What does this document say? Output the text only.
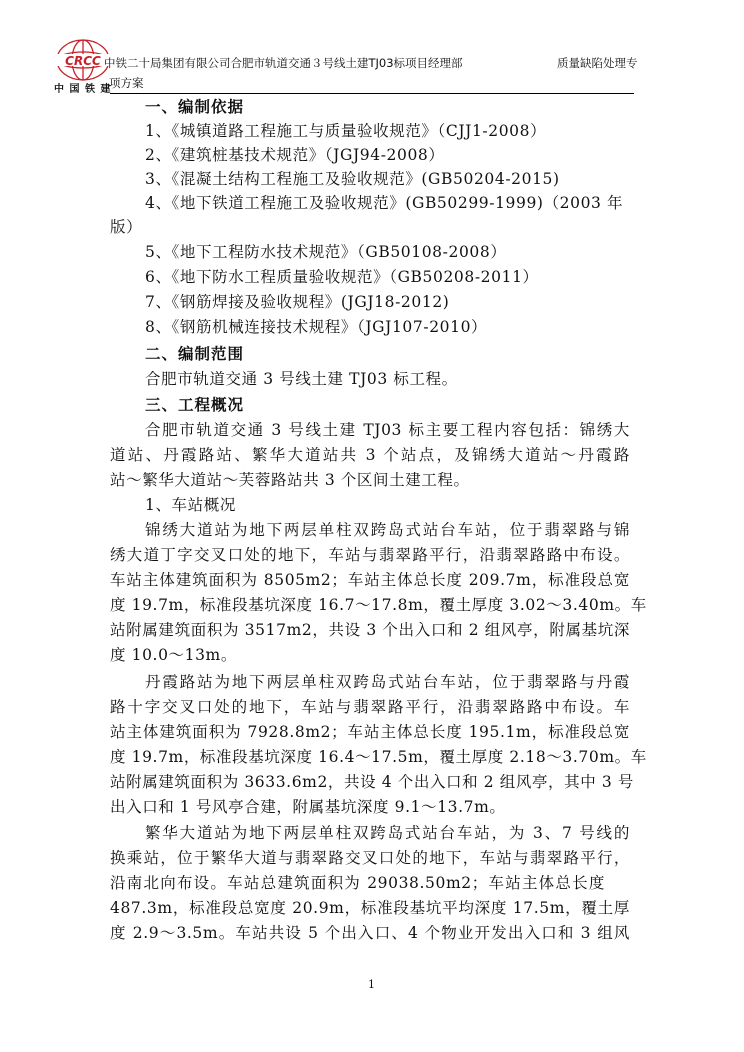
CRCC
中 国 铁 建
中铁二十局集团有限公司合肥市轨道交通３号线土建TJ03标项目经理部	质量缺陷处理专
项方案
一、编制依据
1、《城镇道路工程施工与质量验收规范》（CJJ1-2008）
2、《建筑桩基技术规范》（JGJ94-2008）
3、《混凝土结构工程施工及验收规范》(GB50204-2015)
4、《地下铁道工程施工及验收规范》(GB50299-1999)（2003 年
版）
5、《地下工程防水技术规范》（GB50108-2008）
6、《地下防水工程质量验收规范》（GB50208-2011）
7、《钢筋焊接及验收规程》(JGJ18-2012)
8、《钢筋机械连接技术规程》（JGJ107-2010）
二、编制范围
合肥市轨道交通 3 号线土建 TJ03 标工程。
三、工程概况
合肥市轨道交通 3 号线土建 TJ03 标主要工程内容包括：锦绣大
道站、丹霞路站、繁华大道站共 3 个站点，及锦绣大道站～丹霞路
站～繁华大道站～芙蓉路站共 3 个区间土建工程。
1、车站概况
锦绣大道站为地下两层单柱双跨岛式站台车站，位于翡翠路与锦
绣大道丁字交叉口处的地下，车站与翡翠路平行，沿翡翠路路中布设。
车站主体建筑面积为 8505m2；车站主体总长度 209.7m，标准段总宽
度 19.7m，标准段基坑深度 16.7～17.8m，覆土厚度 3.02～3.40m。车
站附属建筑面积为 3517m2，共设 3 个出入口和 2 组风亭，附属基坑深
度 10.0～13m。
丹霞路站为地下两层单柱双跨岛式站台车站，位于翡翠路与丹霞
路十字交叉口处的地下，车站与翡翠路平行，沿翡翠路路中布设。车
站主体建筑面积为 7928.8m2；车站主体总长度 195.1m，标准段总宽
度 19.7m，标准段基坑深度 16.4～17.5m，覆土厚度 2.18～3.70m。车
站附属建筑面积为 3633.6m2，共设 4 个出入口和 2 组风亭，其中 3 号
出入口和 1 号风亭合建，附属基坑深度 9.1～13.7m。
繁华大道站为地下两层单柱双跨岛式站台车站，为 3、7 号线的
换乘站，位于繁华大道与翡翠路交叉口处的地下，车站与翡翠路平行，
沿南北向布设。车站总建筑面积为 29038.50m2；车站主体总长度
487.3m，标准段总宽度 20.9m，标准段基坑平均深度 17.5m，覆土厚
度 2.9～3.5m。车站共设 5 个出入口、4 个物业开发出入口和 3 组风
1
